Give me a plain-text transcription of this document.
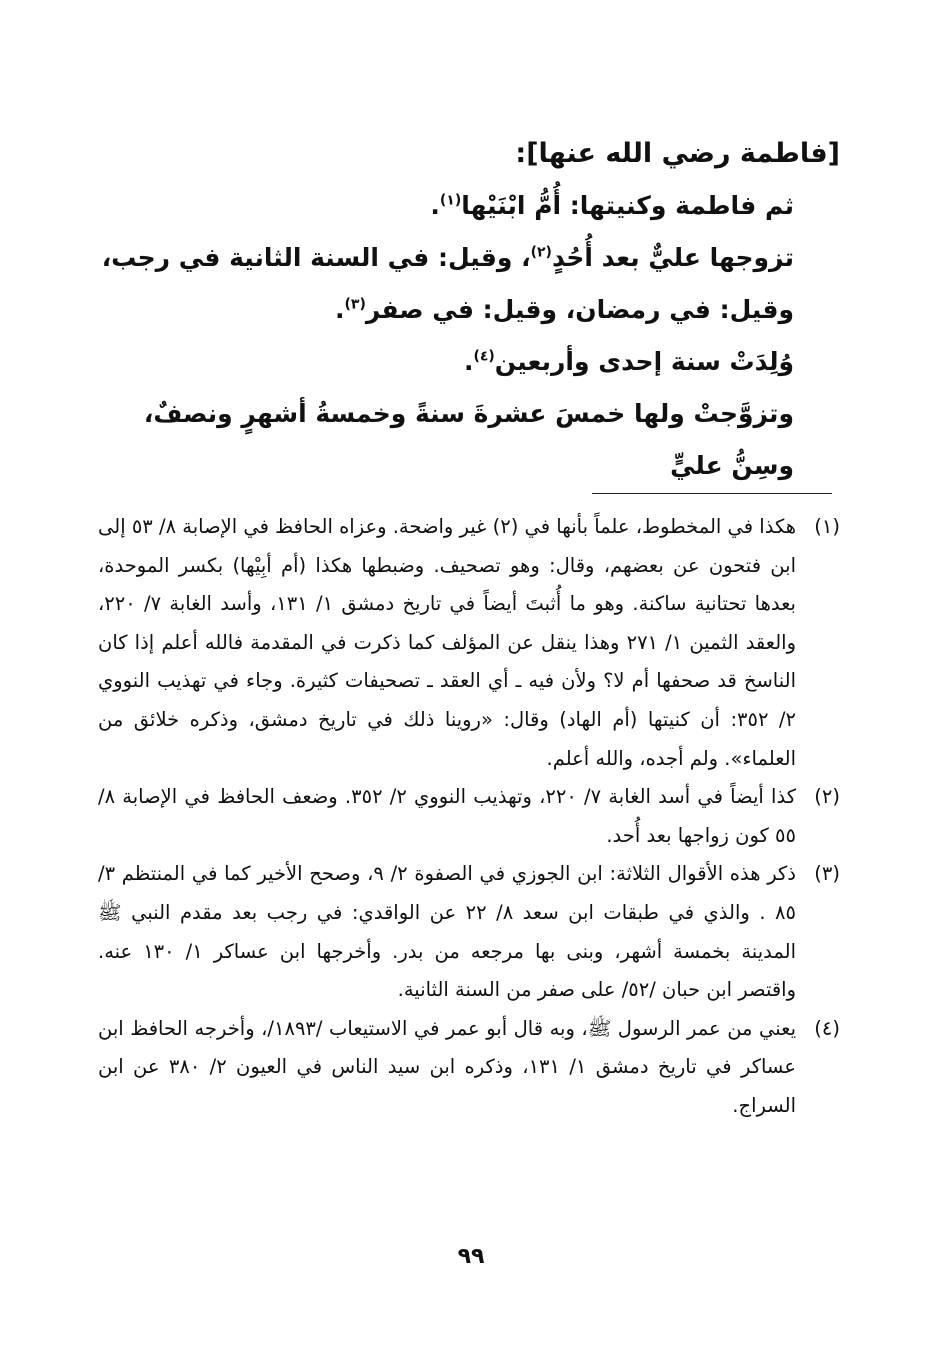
[فاطمة رضي الله عنها]:

ثم فاطمة وكنيتها: أُمُّ ابْنَيْها$^{(١)}$.

تزوجها عليٌّ بعد أُحُدٍ$^{(٢)}$، وقيل: في السنة الثانية في رجب، وقيل: في رمضان، وقيل: في صفر$^{(٣)}$.

وُلِدَتْ سنة إحدى وأربعين$^{(٤)}$.

وتزوَّجتْ ولها خمسَ عشرةَ سنةً وخمسةُ أشهرٍ ونصفٌ، وسِنُّ عليٍّ

(١)
هكذا في المخطوط، علماً بأنها في (٢) غير واضحة. وعزاه الحافظ في الإصابة ٨/ ٥٣ إلى ابن فتحون عن بعضهم، وقال: وهو تصحيف. وضبطها هكذا (أم أبِيْها) بكسر الموحدة، بعدها تحتانية ساكنة. وهو ما أُثبتَ أيضاً في تاريخ دمشق ١/ ١٣١، وأسد الغابة ٧/ ٢٢٠، والعقد الثمين ١/ ٢٧١ وهذا ينقل عن المؤلف كما ذكرت في المقدمة فالله أعلم إذا كان الناسخ قد صحفها أم لا؟ ولأن فيه ـ أي العقد ـ تصحيفات كثيرة. وجاء في تهذيب النووي ٢/ ٣٥٢: أن كنيتها (أم الهاد) وقال: «روينا ذلك في تاريخ دمشق، وذكره خلائق من العلماء». ولم أجده، والله أعلم.
(٢)
كذا أيضاً في أسد الغابة ٧/ ٢٢٠، وتهذيب النووي ٢/ ٣٥٢. وضعف الحافظ في الإصابة ٨/ ٥٥ كون زواجها بعد أُحد.
(٣)
ذكر هذه الأقوال الثلاثة: ابن الجوزي في الصفوة ٢/ ٩، وصحح الأخير كما في المنتظم ٣/ ٨٥ . والذي في طبقات ابن سعد ٨/ ٢٢ عن الواقدي: في رجب بعد مقدم النبي ﷺ المدينة بخمسة أشهر، وبنى بها مرجعه من بدر. وأخرجها ابن عساكر ١/ ١٣٠ عنه. واقتصر ابن حبان /٥٢/ على صفر من السنة الثانية.
(٤)
يعني من عمر الرسول ﷺ، وبه قال أبو عمر في الاستيعاب /١٨٩٣/، وأخرجه الحافظ ابن عساكر في تاريخ دمشق ١/ ١٣١، وذكره ابن سيد الناس في العيون ٢/ ٣٨٠ عن ابن السراج.
٩٩
